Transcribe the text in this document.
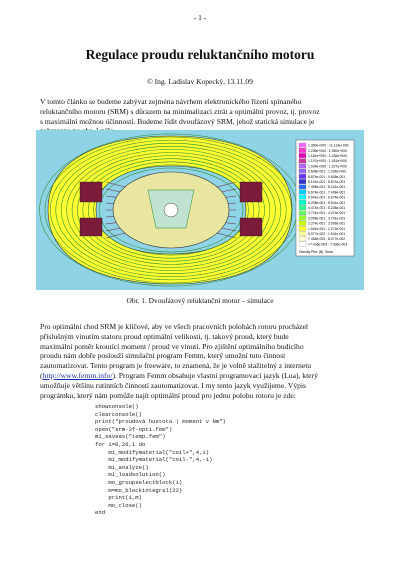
- 1 -
Regulace proudu reluktančního motoru
© Ing. Ladislav Kopecký, 13.11.09

V tomto článku se budeme zabývat zejména návrhem elektronického řízení spínaného
reluktančního motoru (SRM) s důrazem na minimalizaci ztrát a optimální provoz, tj. provoz
s maximální možnou účinností. Budeme řídit dvoufázový SRM, jehož statická simulace je

1.390e+000 : >1.113e+000
1.236e+000 : 1.390e+000
1.181e+000 : 1.236e+000
1.107e+000 : 1.181e+000
1.034e+000 : 1.107e+000
9.608e-001 : 1.034e+000
8.874e-001 : 9.608e-001
8.141e-001 : 8.874e-001
7.408e-001 : 8.141e-001
6.674e-001 : 7.408e-001
5.941e-001 : 6.674e-001
5.208e-001 : 5.941e-001
4.474e-001 : 5.208e-001
3.741e-001 : 4.474e-001
3.008e-001 : 3.741e-001
2.274e-001 : 3.008e-001
1.541e-001 : 2.274e-001
8.077e-002 : 1.541e-001
7.436e-003 : 8.077e-002
<7.436e-003 : 7.436e-003
Density Plot: |B|, Tesla
Obr. 1. Dvoufázový reluktanční motor – simulace

Pro optimální chod SRM je klíčové, aby ve všech pracovních polohách rotoru procházel
příslušným vinutím statoru proud optimální velikosti, tj. takový proud, který bude
maximální poměr kroutící moment / proud ve vinutí. Pro zjištění optimálního budicího
proudu nám dobře poslouží simulační program Femm, který umožní tuto činnost
zautomatizovat. Tento program je freeware, to znamená, že je volně stažitelný z internetu
(http://www.femm.info/). Program Femm obsahuje vlastní programovací jazyk (Lua), který
umožňuje většinu rutinních činností zautomatizovat. I my tento jazyk využijeme. Výpis
prográmku, který nám pomůže najít optimální proud pro jednu polohu rotoru je zde:

showconsole()
clearconsole()
print("proudová hustota | moment v Nm")
open("srm-2f-opti.fem")
mi_saveas("temp.fem")
for i=0,26,1 do
mi_modifymaterial("coil+",4,i)
mi_modifymaterial("coil-",4,-i)
mi_analyze()
mi_loadsolution()
mo_groupselectblock(1)
m=mo_blockintegral(22)
print(i,m)
mo_close()
end
